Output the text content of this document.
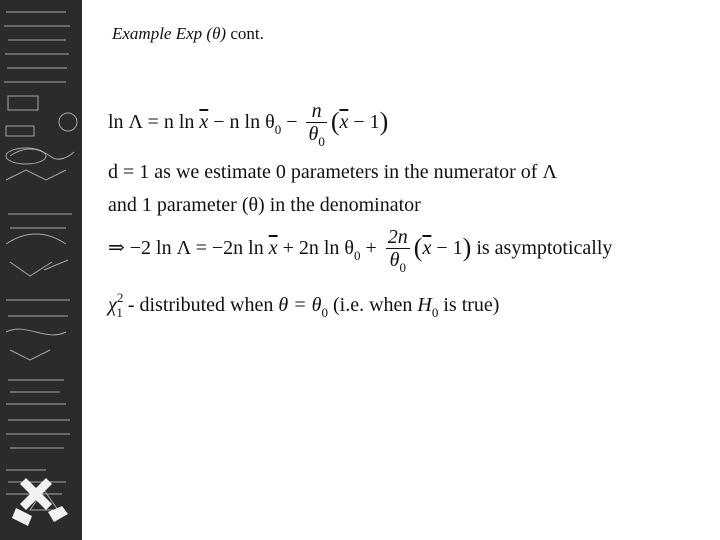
Example Exp (θ) cont.
ln Λ = n $\ln \overline{x} - n$ $\ln \theta_0 - \frac{n}{\theta_0} (\overline{x} - 1)$
d = 1 as we estimate 0 parameters in the numerator of Λ
and 1 parameter (θ) in the denominator
⇒ −2 ln Λ = −2n $\ln \overline{x} + 2n$ $\ln \theta_0 + \frac{2n}{\theta_0} (\overline{x} - 1)$ is asymptotically
$\chi^2_1$ - distributed when $\theta = \theta_0$ (i.e. when $H_0$ is true)
